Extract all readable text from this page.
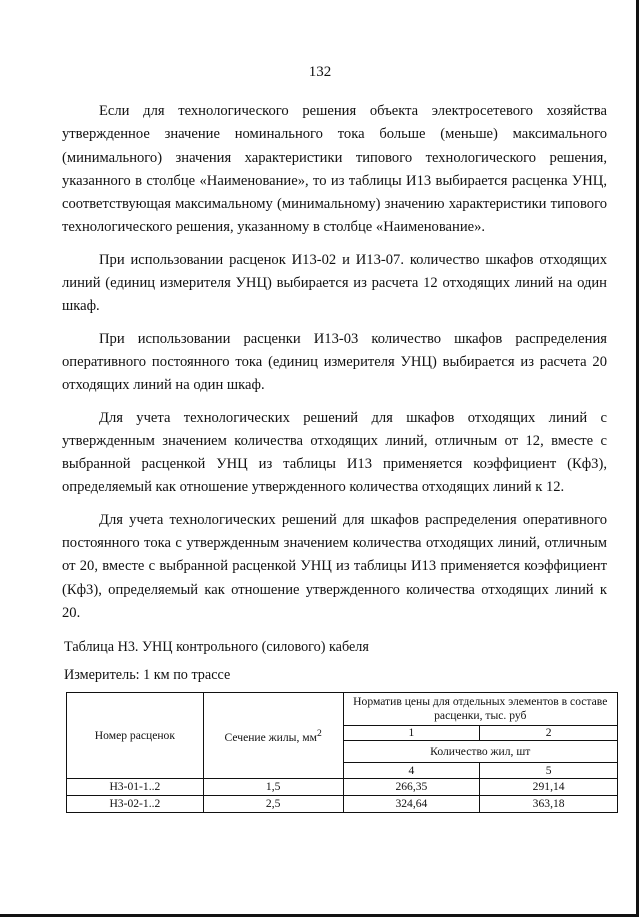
132

Если для технологического решения объекта электросетевого хозяйства утвержденное значение номинального тока больше (меньше) максимального (минимального) значения характеристики типового технологического решения, указанного в столбце «Наименование», то из таблицы И13 выбирается расценка УНЦ, соответствующая максимальному (минимальному) значению характеристики типового технологического решения, указанному в столбце «Наименование».

При использовании расценок И13-02 и И13-07. количество шкафов отходящих линий (единиц измерителя УНЦ) выбирается из расчета 12 отходящих линий на один шкаф.

При использовании расценки И13-03 количество шкафов распределения оперативного постоянного тока (единиц измерителя УНЦ) выбирается из расчета 20 отходящих линий на один шкаф.

Для учета технологических решений для шкафов отходящих линий с утвержденным значением количества отходящих линий, отличным от 12, вместе с выбранной расценкой УНЦ из таблицы И13 применяется коэффициент (Кф3), определяемый как отношение утвержденного количества отходящих линий к 12.

Для учета технологических решений для шкафов распределения оперативного постоянного тока с утвержденным значением количества отходящих линий, отличным от 20, вместе с выбранной расценкой УНЦ из таблицы И13 применяется коэффициент (Кф3), определяемый как отношение утвержденного количества отходящих линий к 20.

Таблица Н3. УНЦ контрольного (силового) кабеля
Измеритель: 1 км по трассе
Номер расценок	Сечение жилы, $мм^2$	Норматив цены для отдельных элементов в составе расценки, тыс. руб	
		1	2
		Количество жил, шт	
		4	5
Н3-01-1..2	1,5	266,35	291,14
Н3-02-1..2	2,5	324,64	363,18
